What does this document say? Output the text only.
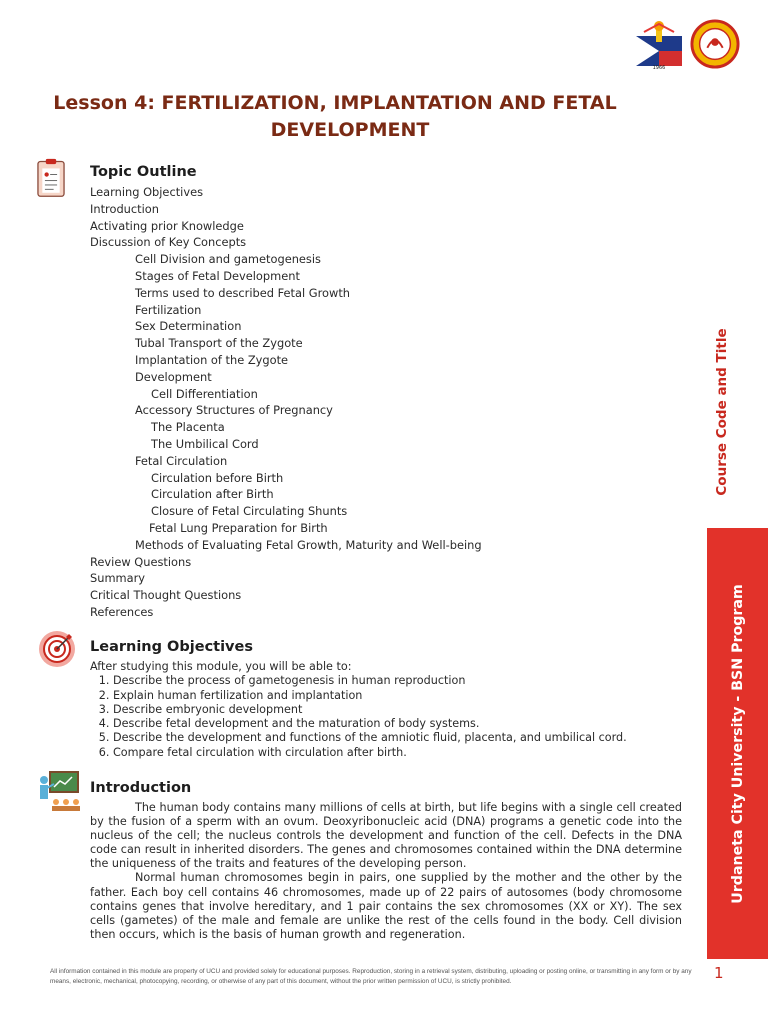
1966
Lesson 4: FERTILIZATION, IMPLANTATION AND FETAL
DEVELOPMENT
Topic Outline
Learning Objectives
Introduction
Activating prior Knowledge
Discussion of Key Concepts
Cell Division and gametogenesis
Stages of Fetal Development
Terms used to described Fetal Growth
Fertilization
Sex Determination
Tubal Transport of the Zygote
Implantation of the Zygote
Development
Cell Differentiation
Accessory Structures of Pregnancy
The Placenta
The Umbilical Cord
Fetal Circulation
Circulation before Birth
Circulation after Birth
Closure of Fetal Circulating Shunts
Fetal Lung Preparation for Birth
Methods of Evaluating Fetal Growth, Maturity and Well-being
Review Questions
Summary
Critical Thought Questions
References
Learning Objectives
After studying this module, you will be able to:
1. Describe the process of gametogenesis in human reproduction
2. Explain human fertilization and implantation
3. Describe embryonic development
4. Describe fetal development and the maturation of body systems.
5. Describe the development and functions of the amniotic fluid, placenta, and umbilical cord.
6. Compare fetal circulation with circulation after birth.
Introduction

The human body contains many millions of cells at birth, but life begins with a single cell created by the fusion of a sperm with an ovum. Deoxyribonucleic acid (DNA) programs a genetic code into the nucleus of the cell; the nucleus controls the development and function of the cell. Defects in the DNA code can result in inherited disorders. The genes and chromosomes contained within the DNA determine the uniqueness of the traits and features of the developing person.

Normal human chromosomes begin in pairs, one supplied by the mother and the other by the father. Each boy cell contains 46 chromosomes, made up of 22 pairs of autosomes (body chromosome contains genes that involve hereditary, and 1 pair contains the sex chromosomes (XX or XY). The sex cells (gametes) of the male and female are unlike the rest of the cells found in the body. Cell division then occurs, which is the basis of human growth and regeneration.

Course Code and Title
Urdaneta City University - BSN Program
All information contained in this module are property of UCU and provided solely for educational purposes. Reproduction, storing in a retrieval system, distributing, uploading or posting online, or transmitting in any form or by any means, electronic, mechanical, photocopying, recording, or otherwise of any part of this document, without the prior written permission of UCU, is strictly prohibited.	1
